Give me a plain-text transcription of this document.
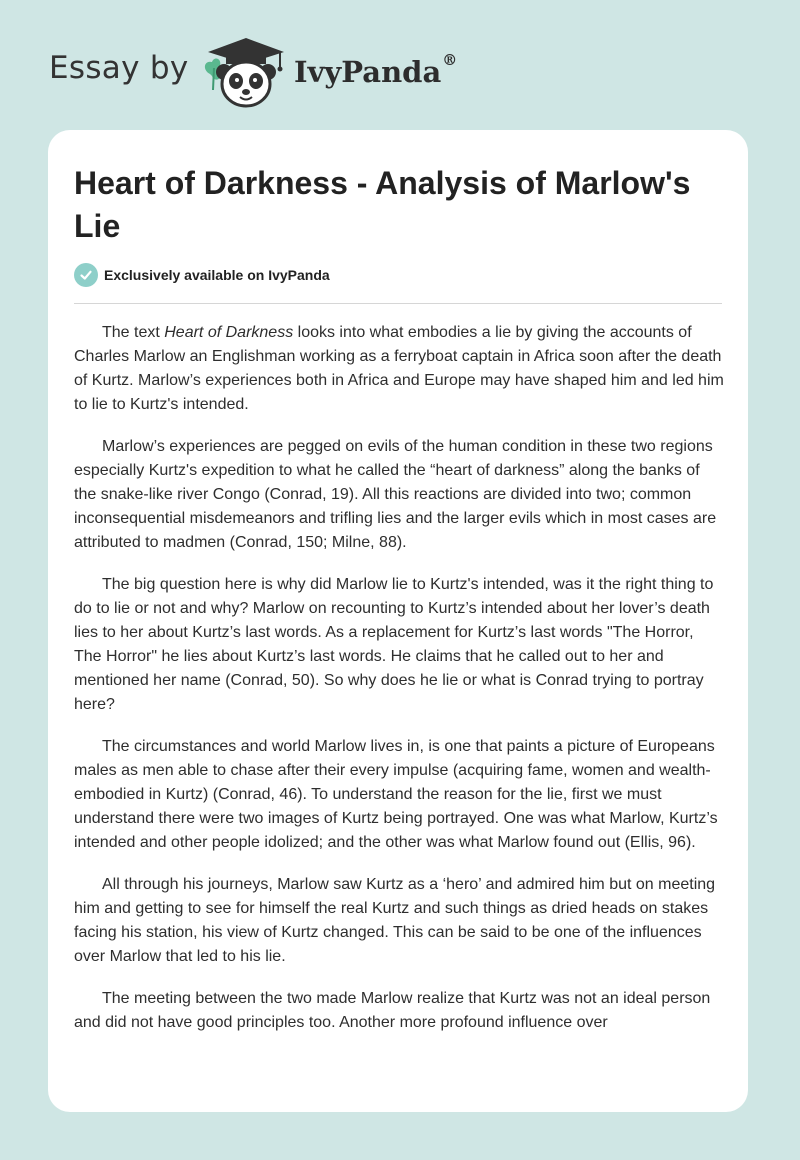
Essay by	IvyPanda®
Heart of Darkness - Analysis of Marlow's Lie
Exclusively available on IvyPanda

The text Heart of Darkness looks into what embodies a lie by giving the accounts of Charles Marlow an Englishman working as a ferryboat captain in Africa soon after the death of Kurtz. Marlow’s experiences both in Africa and Europe may have shaped him and led him to lie to Kurtz's intended.

Marlow’s experiences are pegged on evils of the human condition in these two regions especially Kurtz's expedition to what he called the “heart of darkness” along the banks of the snake-like river Congo (Conrad, 19). All this reactions are divided into two; common inconsequential misdemeanors and trifling lies and the larger evils which in most cases are attributed to madmen (Conrad, 150; Milne, 88).

The big question here is why did Marlow lie to Kurtz's intended, was it the right thing to do to lie or not and why? Marlow on recounting to Kurtz’s intended about her lover’s death lies to her about Kurtz’s last words. As a replacement for Kurtz’s last words "The Horror, The Horror" he lies about Kurtz’s last words. He claims that he called out to her and mentioned her name (Conrad, 50). So why does he lie or what is Conrad trying to portray here?

The circumstances and world Marlow lives in, is one that paints a picture of Europeans males as men able to chase after their every impulse (acquiring fame, women and wealth-embodied in Kurtz) (Conrad, 46). To understand the reason for the lie, first we must understand there were two images of Kurtz being portrayed. One was what Marlow, Kurtz’s intended and other people idolized; and the other was what Marlow found out (Ellis, 96).

All through his journeys, Marlow saw Kurtz as a ‘hero’ and admired him but on meeting him and getting to see for himself the real Kurtz and such things as dried heads on stakes facing his station, his view of Kurtz changed. This can be said to be one of the influences over Marlow that led to his lie.

The meeting between the two made Marlow realize that Kurtz was not an ideal person and did not have good principles too. Another more profound influence over
